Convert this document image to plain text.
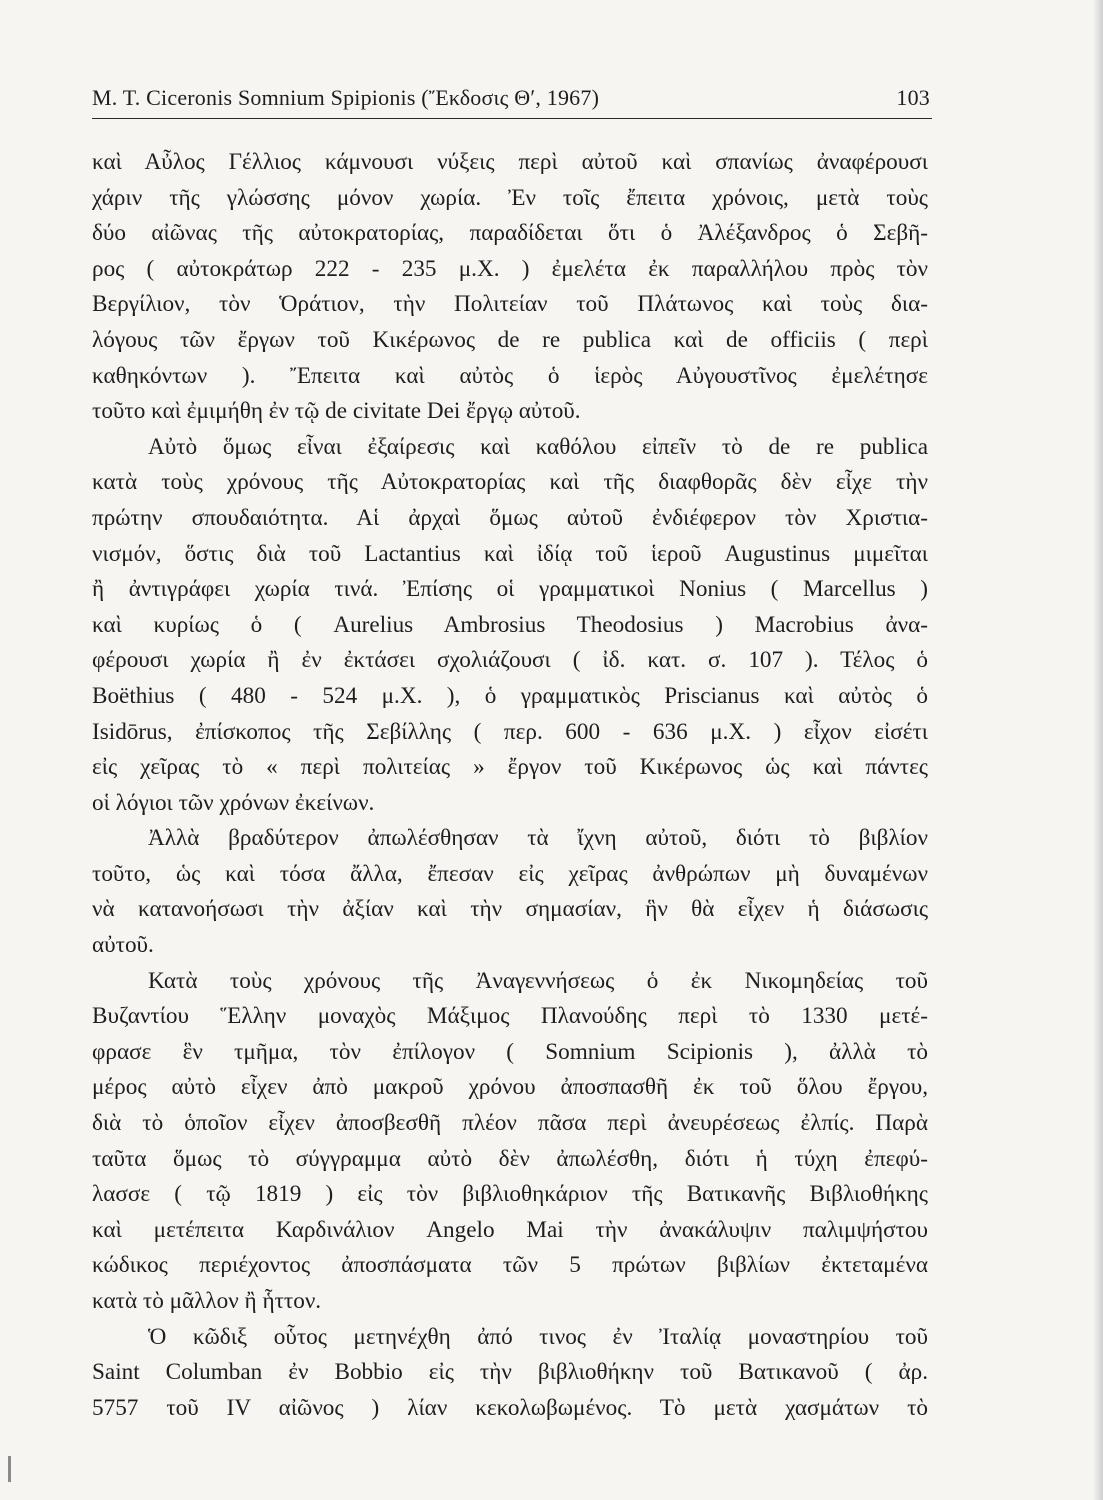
M. T. Ciceronis Somnium Spipionis (Ἔκδοσις Θʹ, 1967)	103
καὶ Αὖλος Γέλλιος κάμνουσι νύξεις περὶ αὐτοῦ καὶ σπανίως ἀναφέρουσι
χάριν τῆς γλώσσης μόνον χωρία. Ἐν τοῖς ἔπειτα χρόνοις, μετὰ τοὺς
δύο αἰῶνας τῆς αὐτοκρατορίας, παραδίδεται ὅτι ὁ Ἀλέξανδρος ὁ Σεβῆ-
ρος ( αὐτοκράτωρ 222 - 235 μ.Χ. ) ἐμελέτα ἐκ παραλλήλου πρὸς τὸν
Βεργίλιον, τὸν Ὁράτιον, τὴν Πολιτείαν τοῦ Πλάτωνος καὶ τοὺς δια-
λόγους τῶν ἔργων τοῦ Κικέρωνος de re publica καὶ de officiis ( περὶ
καθηκόντων ). Ἔπειτα καὶ αὐτὸς ὁ ἱερὸς Αὐγουστῖνος ἐμελέτησε
τοῦτο καὶ ἐμιμήθη ἐν τῷ de civitate Dei ἔργῳ αὐτοῦ.
Αὐτὸ ὅμως εἶναι ἐξαίρεσις καὶ καθόλου εἰπεῖν τὸ de re publica
κατὰ τοὺς χρόνους τῆς Αὐτοκρατορίας καὶ τῆς διαφθορᾶς δὲν εἶχε τὴν
πρώτην σπουδαιότητα. Αἱ ἀρχαὶ ὅμως αὐτοῦ ἐνδιέφερον τὸν Χριστια-
νισμόν, ὅστις διὰ τοῦ Lactantius καὶ ἰδίᾳ τοῦ ἱεροῦ Augustinus μιμεῖται
ἢ ἀντιγράφει χωρία τινά. Ἐπίσης οἱ γραμματικοὶ Nonius ( Marcellus )
καὶ κυρίως ὁ ( Aurelius Ambrosius Theodosius ) Macrobius ἀνα-
φέρουσι χωρία ἢ ἐν ἐκτάσει σχολιάζουσι ( ἰδ. κατ. σ. 107 ). Τέλος ὁ
Boëthius ( 480 - 524 μ.Χ. ), ὁ γραμματικὸς Priscianus καὶ αὐτὸς ὁ
Isidōrus, ἐπίσκοπος τῆς Σεβίλλης ( περ. 600 - 636 μ.Χ. ) εἶχον εἰσέτι
εἰς χεῖρας τὸ « περὶ πολιτείας » ἔργον τοῦ Κικέρωνος ὡς καὶ πάντες
οἱ λόγιοι τῶν χρόνων ἐκείνων.
Ἀλλὰ βραδύτερον ἀπωλέσθησαν τὰ ἴχνη αὐτοῦ, διότι τὸ βιβλίον
τοῦτο, ὡς καὶ τόσα ἄλλα, ἔπεσαν εἰς χεῖρας ἀνθρώπων μὴ δυναμένων
νὰ κατανοήσωσι τὴν ἀξίαν καὶ τὴν σημασίαν, ἣν θὰ εἶχεν ἡ διάσωσις
αὐτοῦ.
Κατὰ τοὺς χρόνους τῆς Ἀναγεννήσεως ὁ ἐκ Νικομηδείας τοῦ
Βυζαντίου Ἕλλην μοναχὸς Μάξιμος Πλανούδης περὶ τὸ 1330 μετέ-
φρασε ἓν τμῆμα, τὸν ἐπίλογον ( Somnium Scipionis ), ἀλλὰ τὸ
μέρος αὐτὸ εἶχεν ἀπὸ μακροῦ χρόνου ἀποσπασθῆ ἐκ τοῦ ὅλου ἔργου,
διὰ τὸ ὁποῖον εἶχεν ἀποσβεσθῆ πλέον πᾶσα περὶ ἀνευρέσεως ἐλπίς. Παρὰ
ταῦτα ὅμως τὸ σύγγραμμα αὐτὸ δὲν ἀπωλέσθη, διότι ἡ τύχη ἐπεφύ-
λασσε ( τῷ 1819 ) εἰς τὸν βιβλιοθηκάριον τῆς Βατικανῆς Βιβλιοθήκης
καὶ μετέπειτα Καρδινάλιον Angelo Mai τὴν ἀνακάλυψιν παλιμψήστου
κώδικος περιέχοντος ἀποσπάσματα τῶν 5 πρώτων βιβλίων ἐκτεταμένα
κατὰ τὸ μᾶλλον ἢ ἧττον.
Ὁ κῶδιξ οὗτος μετηνέχθη ἀπό τινος ἐν Ἰταλίᾳ μοναστηρίου τοῦ
Saint Columban ἐν Bobbio εἰς τὴν βιβλιοθήκην τοῦ Βατικανοῦ ( ἀρ.
5757 τοῦ IV αἰῶνος ) λίαν κεκολωβωμένος. Τὸ μετὰ χασμάτων τὸ
